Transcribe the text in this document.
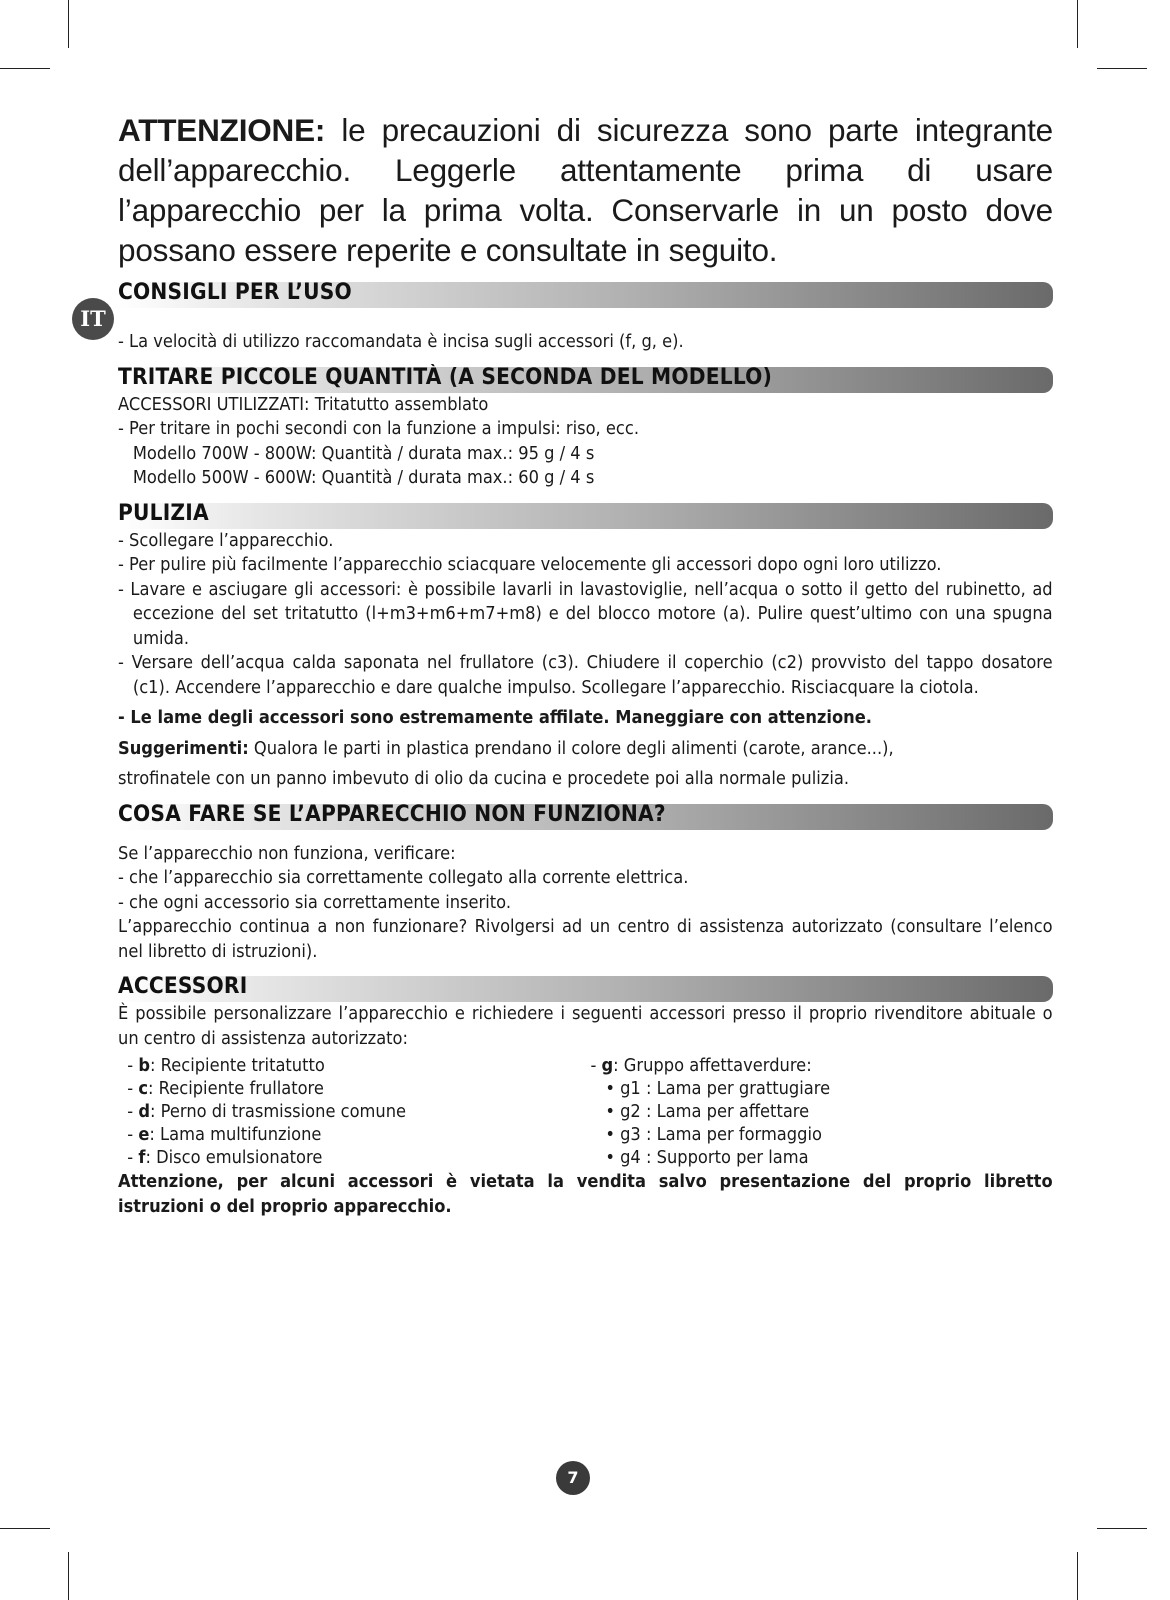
IT

ATTENZIONE: le precauzioni di sicurezza sono parte integrante dell’apparecchio. Leggerle attentamente prima di usare l’apparecchio per la prima volta. Conservarle in un posto dove possano essere reperite e consultate in seguito.

CONSIGLI PER L’USO

- La velocità di utilizzo raccomandata è incisa sugli accessori (f, g, e).

TRITARE PICCOLE QUANTITÀ (A SECONDA DEL MODELLO)

ACCESSORI UTILIZZATI: Tritatutto assemblato

- Per tritare in pochi secondi con la funzione a impulsi: riso, ecc.

Modello 700W - 800W: Quantità / durata max.: 95 g / 4 s

Modello 500W - 600W: Quantità / durata max.: 60 g / 4 s

PULIZIA

- Scollegare l’apparecchio.

- Per pulire più facilmente l’apparecchio sciacquare velocemente gli accessori dopo ogni loro utilizzo.

- Lavare e asciugare gli accessori: è possibile lavarli in lavastoviglie, nell’acqua o sotto il getto del rubinetto, ad eccezione del set tritatutto (l+m3+m6+m7+m8) e del blocco motore (a). Pulire quest’ultimo con una spugna umida.

- Versare dell’acqua calda saponata nel frullatore (c3). Chiudere il coperchio (c2) provvisto del tappo dosatore (c1). Accendere l’apparecchio e dare qualche impulso. Scollegare l’apparecchio. Risciacquare la ciotola.

- Le lame degli accessori sono estremamente affilate. Maneggiare con attenzione.

Suggerimenti: Qualora le parti in plastica prendano il colore degli alimenti (carote, arance...),

strofinatele con un panno imbevuto di olio da cucina e procedete poi alla normale pulizia.

COSA FARE SE L’APPARECCHIO NON FUNZIONA?

Se l’apparecchio non funziona, verificare:

- che l’apparecchio sia correttamente collegato alla corrente elettrica.

- che ogni accessorio sia correttamente inserito.

L’apparecchio continua a non funzionare? Rivolgersi ad un centro di assistenza autorizzato (consultare l’elenco nel libretto di istruzioni).

ACCESSORI

È possibile personalizzare l’apparecchio e richiedere i seguenti accessori presso il proprio rivenditore abituale o un centro di assistenza autorizzato:

- b: Recipiente tritatutto
- c: Recipiente frullatore
- d: Perno di trasmissione comune
- e: Lama multifunzione
- f: Disco emulsionatore
- g: Gruppo affettaverdure:
• g1 : Lama per grattugiare
• g2 : Lama per affettare
• g3 : Lama per formaggio
• g4 : Supporto per lama

Attenzione, per alcuni accessori è vietata la vendita salvo presentazione del proprio libretto istruzioni o del proprio apparecchio.

7
